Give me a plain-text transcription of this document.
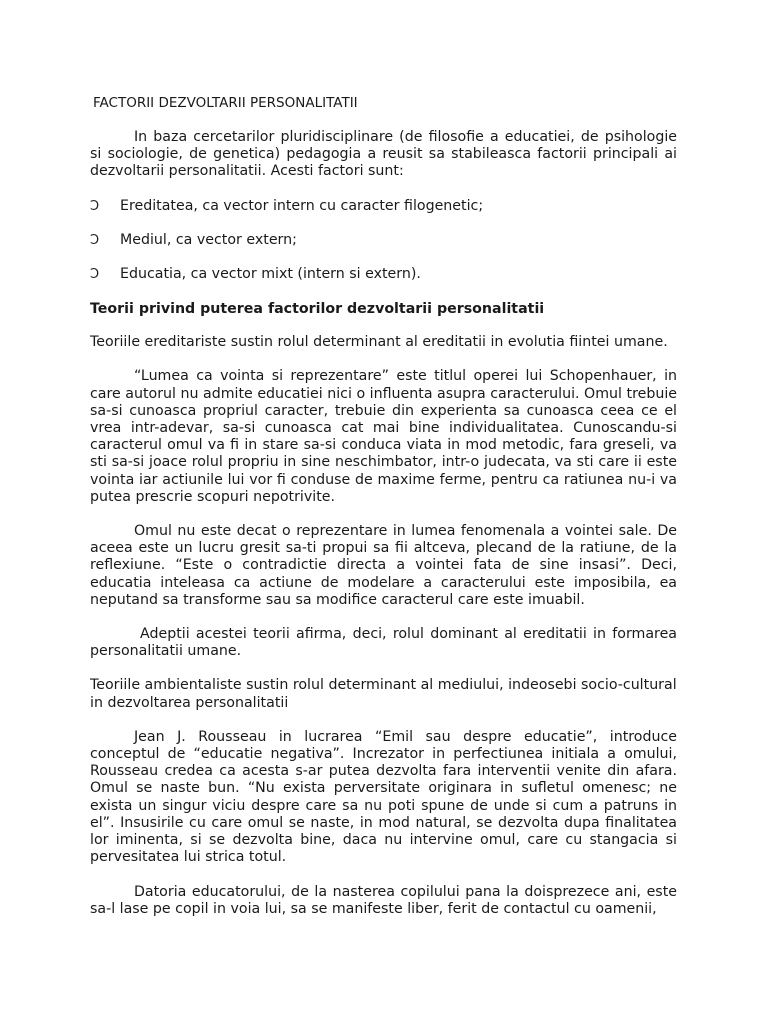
FACTORII DEZVOLTARII PERSONALITATII

In baza cercetarilor pluridisciplinare (de filosofie a educatiei, de psihologie si sociologie, de genetica) pedagogia a reusit sa stabileasca factorii principali ai dezvoltarii personalitatii. Acesti factori sunt:

Ↄ	Ereditatea, ca vector intern cu caracter filogenetic;
Ↄ	Mediul, ca vector extern;
Ↄ	Educatia, ca vector mixt (intern si extern).
Teorii privind puterea factorilor dezvoltarii personalitatii

Teoriile ereditariste sustin rolul determinant al ereditatii in evolutia fiintei umane.

“Lumea ca vointa si reprezentare” este titlul operei lui Schopenhauer, in care autorul nu admite educatiei nici o influenta asupra caracterului. Omul trebuie sa-si cunoasca propriul caracter, trebuie din experienta sa cunoasca ceea ce el vrea intr-adevar, sa-si cunoasca cat mai bine individualitatea. Cunoscandu-si caracterul omul va fi in stare sa-si conduca viata in mod metodic, fara greseli, va sti sa-si joace rolul propriu in sine neschimbator, intr-o judecata, va sti care ii este vointa iar actiunile lui vor fi conduse de maxime ferme, pentru ca ratiunea nu-i va putea prescrie scopuri nepotrivite.

Omul nu este decat o reprezentare in lumea fenomenala a vointei sale. De aceea este un lucru gresit sa-ti propui sa fii altceva, plecand de la ratiune, de la reflexiune. “Este o contradictie directa a vointei fata de sine insasi”. Deci, educatia inteleasa ca actiune de modelare a caracterului este imposibila, ea neputand sa transforme sau sa modifice caracterul care este imuabil.

Adeptii acestei teorii afirma, deci, rolul dominant al ereditatii in formarea personalitatii umane.

Teoriile ambientaliste sustin rolul determinant al mediului, indeosebi socio-cultural in dezvoltarea personalitatii

Jean J. Rousseau in lucrarea “Emil sau despre educatie”, introduce conceptul de “educatie negativa”. Increzator in perfectiunea initiala a omului, Rousseau credea ca acesta s-ar putea dezvolta fara interventii venite din afara. Omul se naste bun. “Nu exista perversitate originara in sufletul omenesc; ne exista un singur viciu despre care sa nu poti spune de unde si cum a patruns in el”. Insusirile cu care omul se naste, in mod natural, se dezvolta dupa finalitatea lor iminenta, si se dezvolta bine, daca nu intervine omul, care cu stangacia si pervesitatea lui strica totul.

Datoria educatorului, de la nasterea copilului pana la doisprezece ani, este sa-l lase pe copil in voia lui, sa se manifeste liber, ferit de contactul cu oamenii,
